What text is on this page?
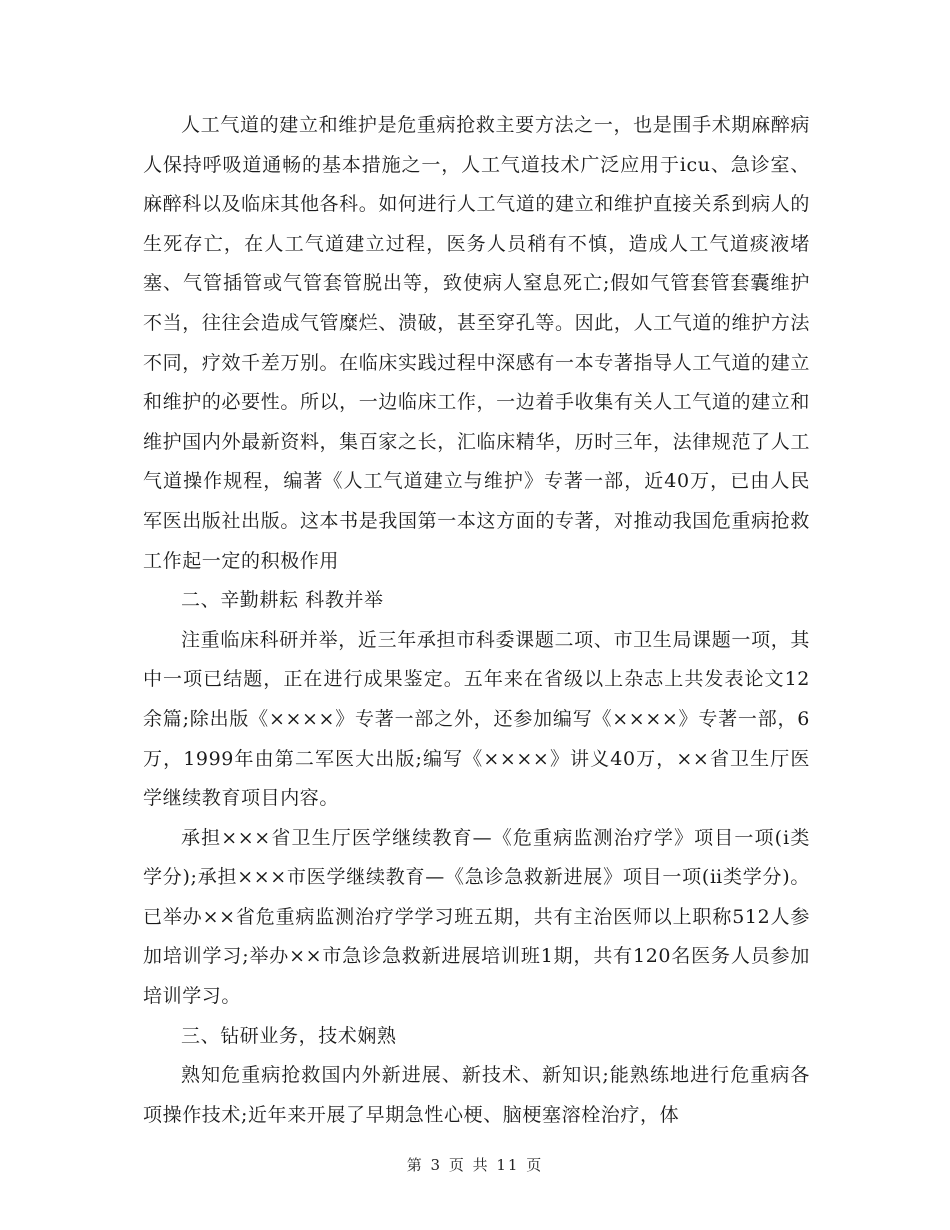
人工气道的建立和维护是危重病抢救主要方法之一，也是围手术期麻醉病人保持呼吸道通畅的基本措施之一，人工气道技术广泛应用于icu、急诊室、麻醉科以及临床其他各科。如何进行人工气道的建立和维护直接关系到病人的生死存亡，在人工气道建立过程，医务人员稍有不慎，造成人工气道痰液堵塞、气管插管或气管套管脱出等，致使病人窒息死亡;假如气管套管套囊维护不当，往往会造成气管糜烂、溃破，甚至穿孔等。因此，人工气道的维护方法不同，疗效千差万别。在临床实践过程中深感有一本专著指导人工气道的建立和维护的必要性。所以，一边临床工作，一边着手收集有关人工气道的建立和维护国内外最新资料，集百家之长，汇临床精华，历时三年，法律规范了人工气道操作规程，编著《人工气道建立与维护》专著一部，近40万，已由人民军医出版社出版。这本书是我国第一本这方面的专著，对推动我国危重病抢救工作起一定的积极作用

二、辛勤耕耘 科教并举

注重临床科研并举，近三年承担市科委课题二项、市卫生局课题一项，其中一项已结题，正在进行成果鉴定。五年来在省级以上杂志上共发表论文12余篇;除出版《××××》专著一部之外，还参加编写《××××》专著一部，6万，1999年由第二军医大出版;编写《××××》讲义40万，××省卫生厅医学继续教育项目内容。

承担×××省卫生厅医学继续教育—《危重病监测治疗学》项目一项(ⅰ类学分);承担×××市医学继续教育—《急诊急救新进展》项目一项(ⅱ类学分)。已举办××省危重病监测治疗学学习班五期，共有主治医师以上职称512人参加培训学习;举办××市急诊急救新进展培训班1期，共有120名医务人员参加培训学习。

三、钻研业务，技术娴熟

熟知危重病抢救国内外新进展、新技术、新知识;能熟练地进行危重病各项操作技术;近年来开展了早期急性心梗、脑梗塞溶栓治疗，体

第 3 页 共 11 页
